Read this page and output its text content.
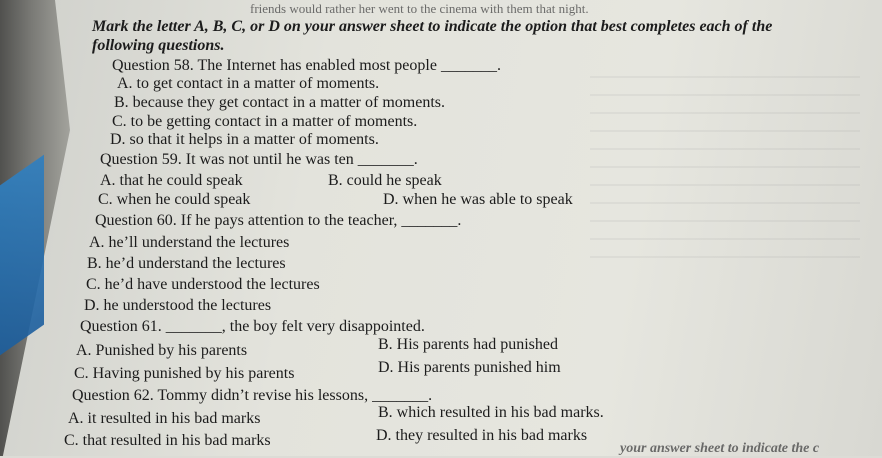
friends would rather her went to the cinema with them that night.
Mark the letter A, B, C, or D on your answer sheet to indicate the option that best completes each of the
following questions.
Question 58. The Internet has enabled most people _______.
A. to get contact in a matter of moments.
B. because they get contact in a matter of moments.
C. to be getting contact in a matter of moments.
D. so that it helps in a matter of moments.
Question 59. It was not until he was ten _______.
A. that he could speak	B. could he speak
C. when he could speak	D. when he was able to speak
Question 60. If he pays attention to the teacher, _______.
A. he’ll understand the lectures
B. he’d understand the lectures
C. he’d have understood the lectures
D. he understood the lectures
Question 61. _______, the boy felt very disappointed.
A. Punished by his parents	B. His parents had punished
C. Having punished by his parents	D. His parents punished him
Question 62. Tommy didn’t revise his lessons, _______.
A. it resulted in his bad marks	B. which resulted in his bad marks.
C. that resulted in his bad marks	D. they resulted in his bad marks
your answer sheet to indicate the c
